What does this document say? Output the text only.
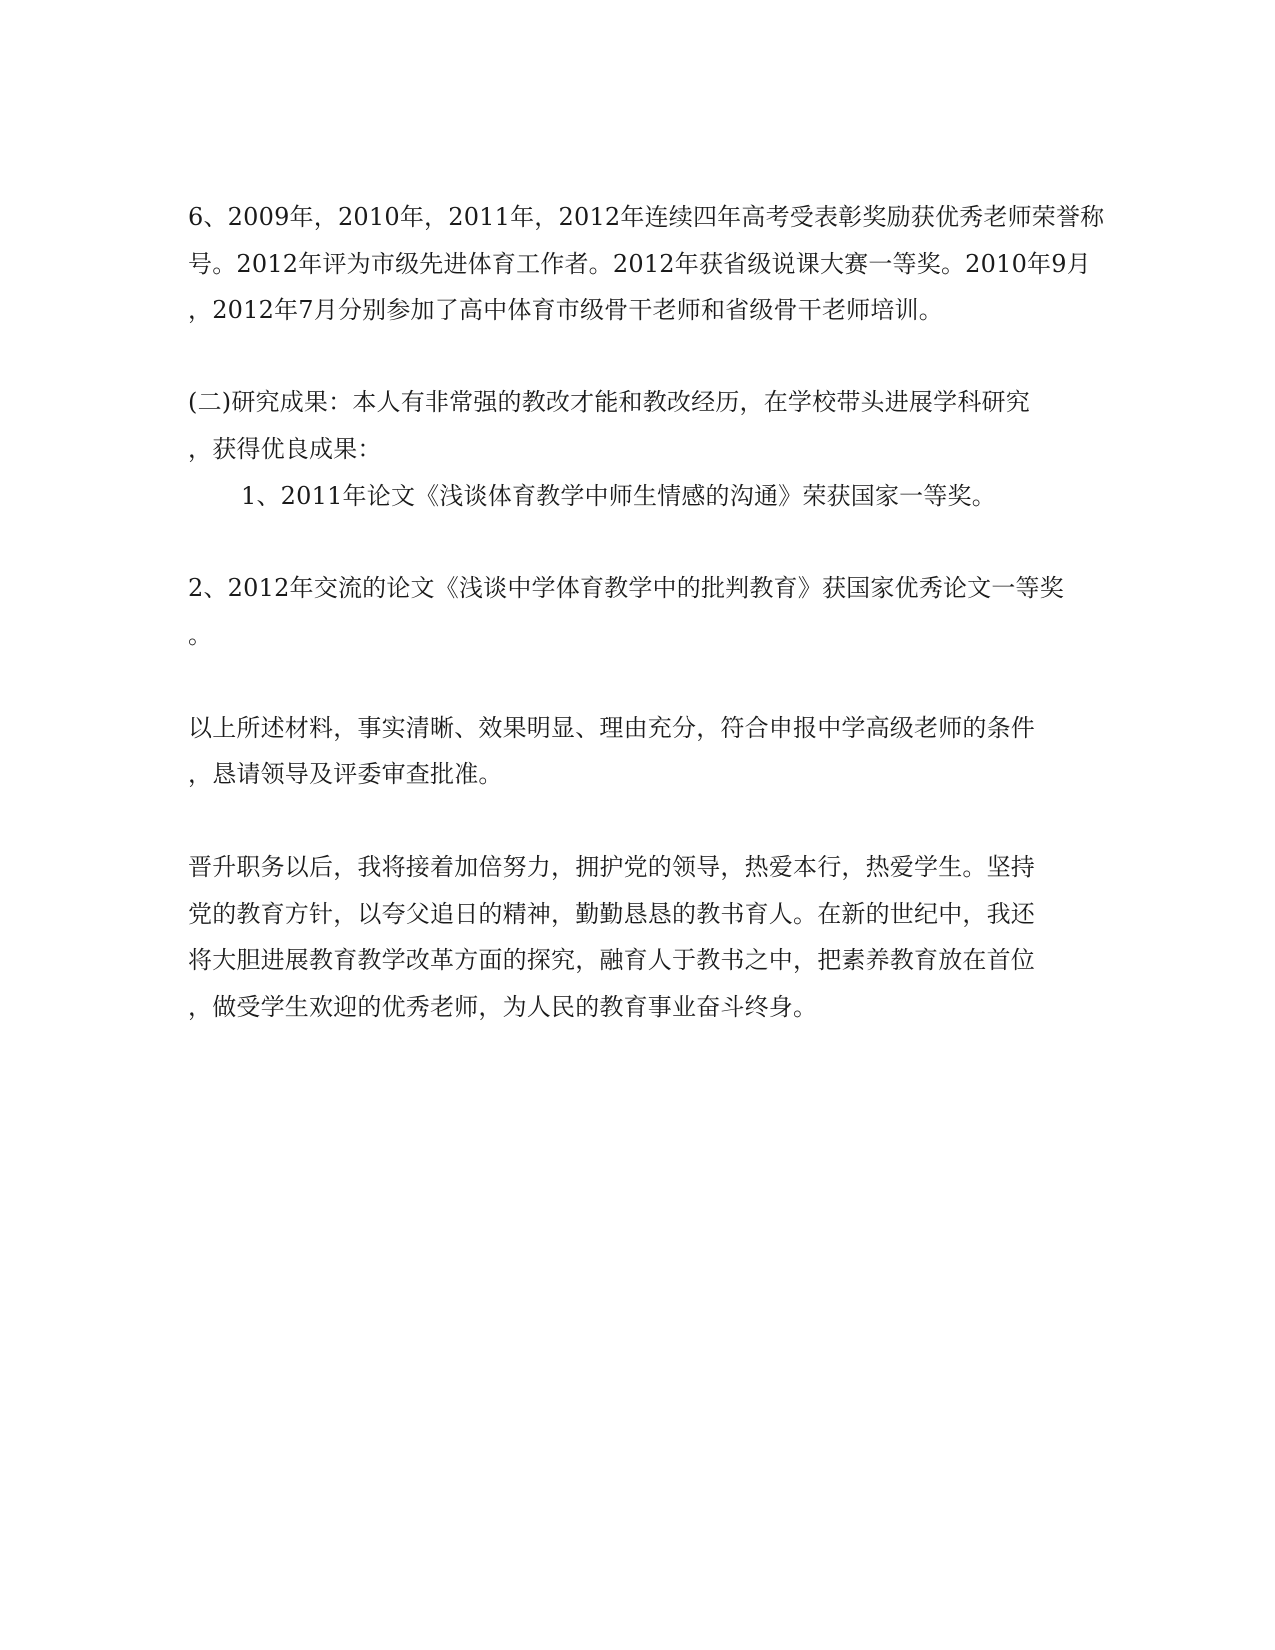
6、2009年，2010年，2011年，2012年连续四年高考受表彰奖励获优秀老师荣誉称
号。2012年评为市级先进体育工作者。2012年获省级说课大赛一等奖。2010年9月
，2012年7月分别参加了高中体育市级骨干老师和省级骨干老师培训。
(二)研究成果：本人有非常强的教改才能和教改经历，在学校带头进展学科研究
，获得优良成果：
1、2011年论文《浅谈体育教学中师生情感的沟通》荣获国家一等奖。
2、2012年交流的论文《浅谈中学体育教学中的批判教育》获国家优秀论文一等奖
。
以上所述材料，事实清晰、效果明显、理由充分，符合申报中学高级老师的条件
，恳请领导及评委审查批准。
晋升职务以后，我将接着加倍努力，拥护党的领导，热爱本行，热爱学生。坚持
党的教育方针，以夸父追日的精神，勤勤恳恳的教书育人。在新的世纪中，我还
将大胆进展教育教学改革方面的探究，融育人于教书之中，把素养教育放在首位
，做受学生欢迎的优秀老师，为人民的教育事业奋斗终身。
